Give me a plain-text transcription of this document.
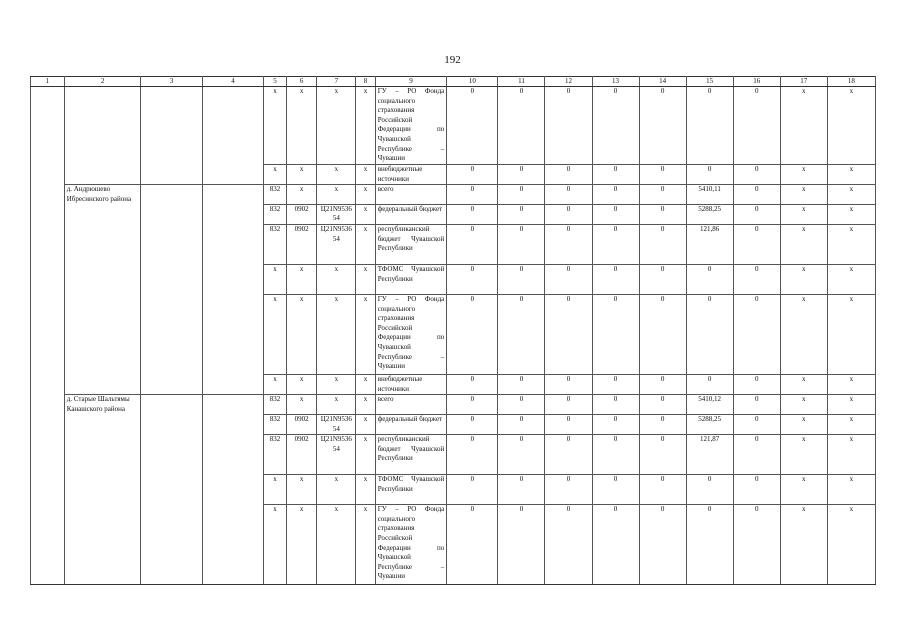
192
1	2	3	4	5	6	7	8	9	10	11	12	13	14	15	16	17	18
				x	x	x	x	ГУ – РО Фонда социального страхования Российской Федерации по Чувашской Республике – Чувашии	0	0	0	0	0	0	0	x	x
				x	x	x	x	внебюджетные источники	0	0	0	0	0	0	0	x	x
	д. Андрюшево Ибресинского района			832	x	x	x	всего	0	0	0	0	0	5410,11	0	x	x
				832	0902	Ц21N9536 54	x	федеральный бюджет	0	0	0	0	0	5288,25	0	x	x
				832	0902	Ц21N9536 54	x	республиканский бюджет Чувашской Республики	0	0	0	0	0	121,86	0	x	x
				x	x	x	x	ТФОМС Чувашской Республики	0	0	0	0	0	0	0	x	x
				x	x	x	x	ГУ – РО Фонда социального страхования Российской Федерации по Чувашской Республике – Чувашии	0	0	0	0	0	0	0	x	x
				x	x	x	x	внебюджетные источники	0	0	0	0	0	0	0	x	x
	д. Старые Шальтямы Канашского района			832	x	x	x	всего	0	0	0	0	0	5410,12	0	x	x
				832	0902	Ц21N9536 54	x	федеральный бюджет	0	0	0	0	0	5288,25	0	x	x
				832	0902	Ц21N9536 54	x	республиканский бюджет Чувашской Республики	0	0	0	0	0	121,87	0	x	x
				x	x	x	x	ТФОМС Чувашской Республики	0	0	0	0	0	0	0	x	x
				x	x	x	x	ГУ – РО Фонда социального страхования Российской Федерации по Чувашской Республике – Чувашии	0	0	0	0	0	0	0	x	x
